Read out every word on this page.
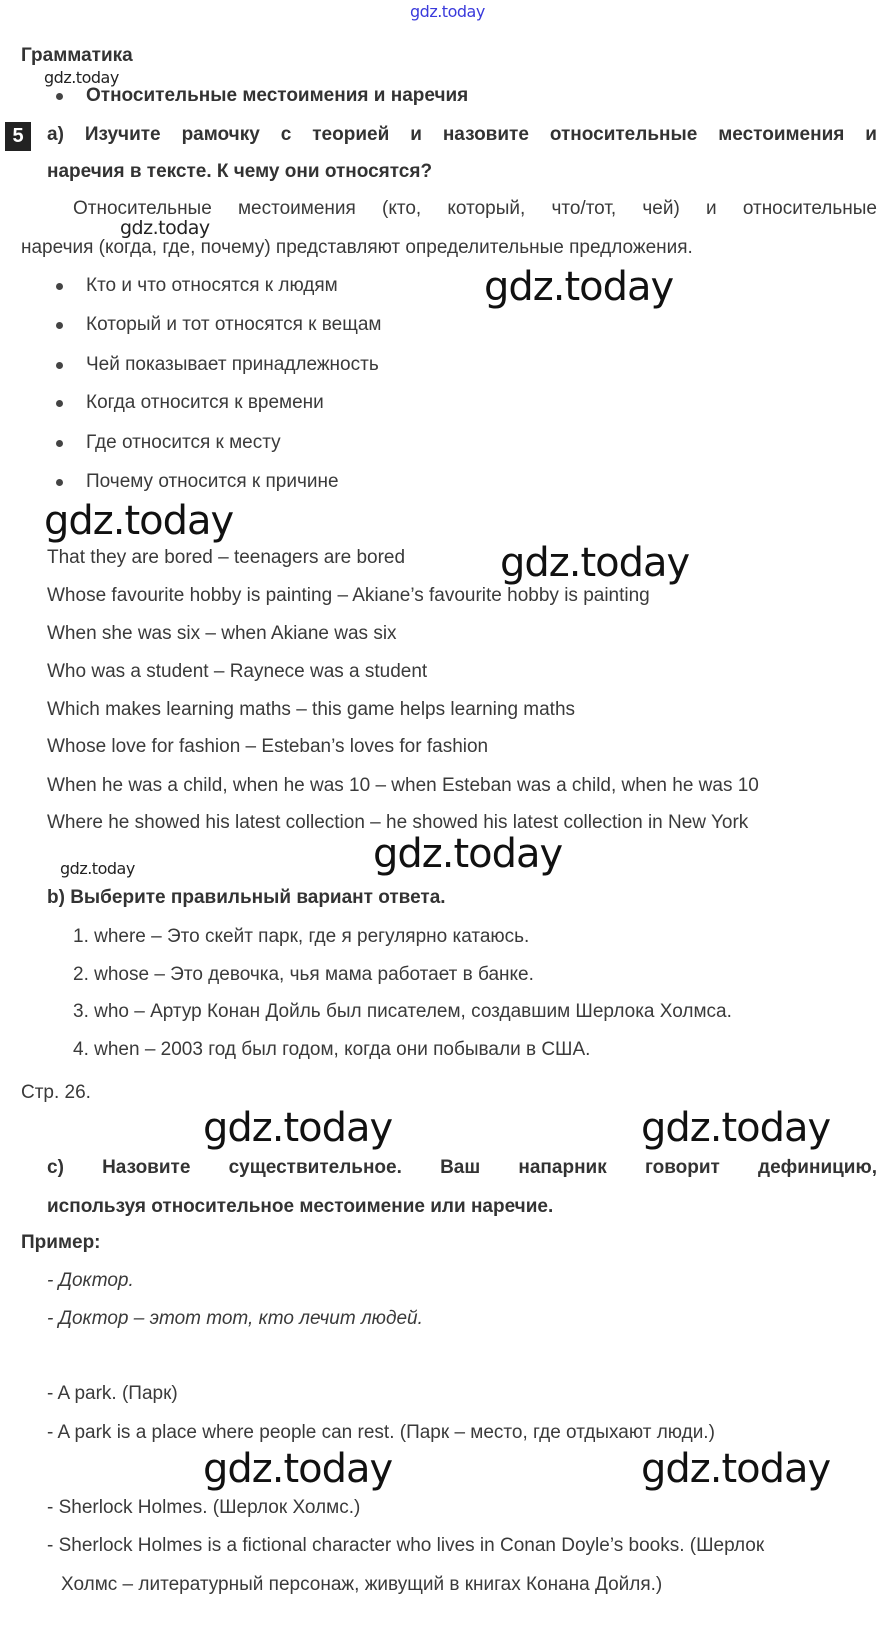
gdz.today
Грамматика
gdz.today
Относительные местоимения и наречия
5	а) Изучите рамочку с теорией и назовите относительные местоимения и
наречия в тексте. К чему они относятся?
Относительные местоимения (кто, который, что/тот, чей) и относительные
gdz.today
наречия (когда, где, почему) представляют определительные предложения.
gdz.today
Кто и что относятся к людям
Который и тот относятся к вещам
Чей показывает принадлежность
Когда относится к времени
Где относится к месту
Почему относится к причине
gdz.today
gdz.today
That they are bored – teenagers are bored
Whose favourite hobby is painting – Akiane’s favourite hobby is painting
When she was six – when Akiane was six
Who was a student – Raynece was a student
Which makes learning maths – this game helps learning maths
Whose love for fashion – Esteban’s loves for fashion
When he was a child, when he was 10 – when Esteban was a child, when he was 10
Where he showed his latest collection – he showed his latest collection in New York
gdz.today	gdz.today
b) Выберите правильный вариант ответа.
1. where – Это скейт парк, где я регулярно катаюсь.
2. whose – Это девочка, чья мама работает в банке.
3. who – Артур Конан Дойль был писателем, создавшим Шерлока Холмса.
4. when – 2003 год был годом, когда они побывали в США.
Стр. 26.
gdz.today	gdz.today
с) Назовите существительное. Ваш напарник говорит дефиницию,
используя относительное местоимение или наречие.
Пример:
- Доктор.
- Доктор – этот тот, кто лечит людей.
- A park. (Парк)
- A park is a place where people can rest. (Парк – место, где отдыхают люди.)
- Sherlock Holmes. (Шерлок Холмс.)
- Sherlock Holmes is a fictional character who lives in Conan Doyle’s books. (Шерлок
Холмс – литературный персонаж, живущий в книгах Конана Дойля.)
gdz.today	gdz.today
